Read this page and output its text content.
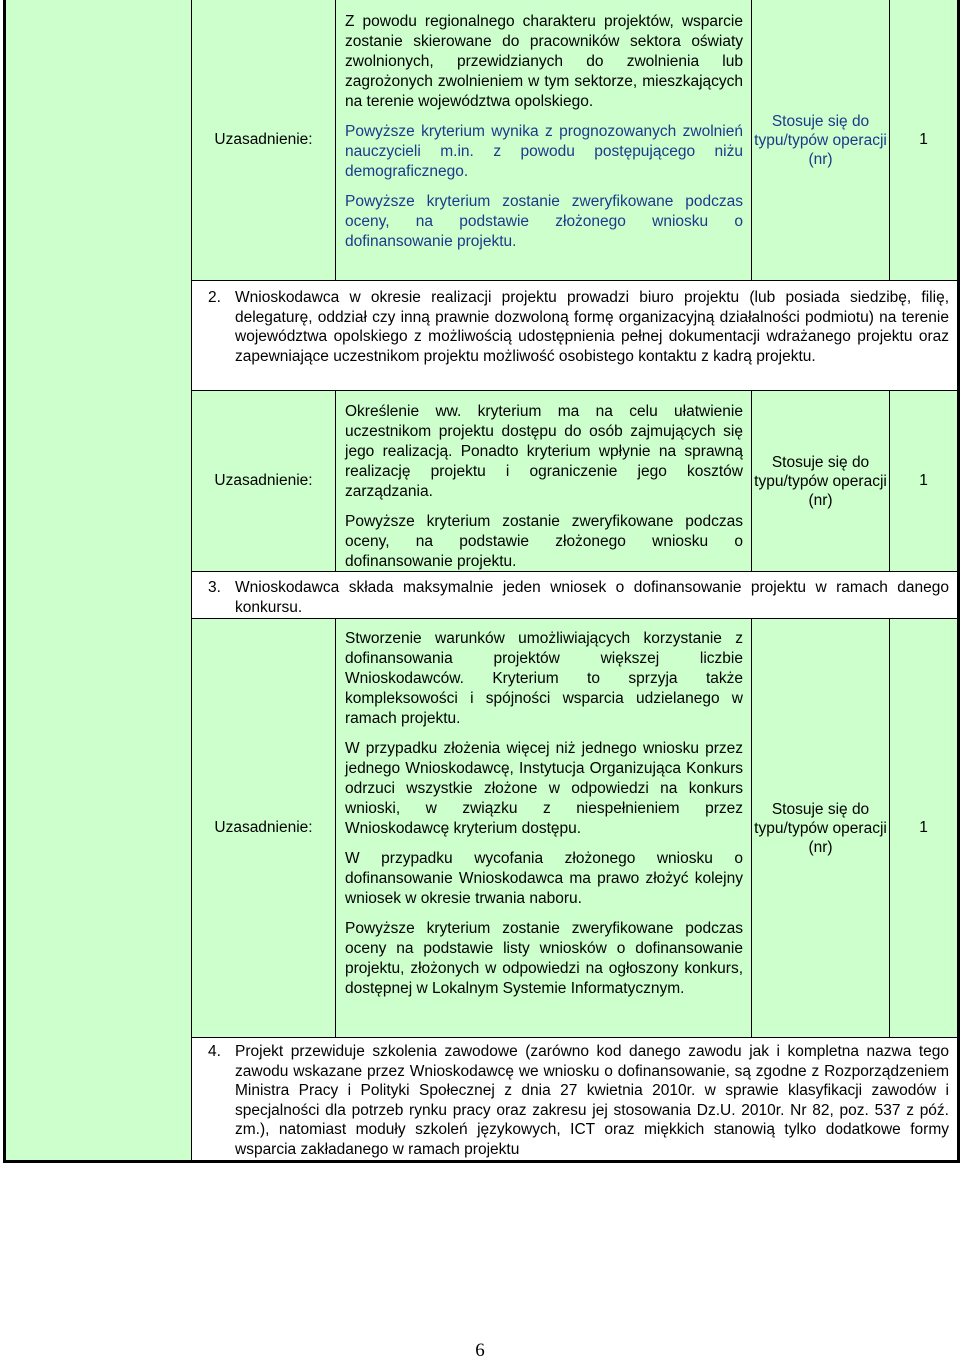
Uzasadnienie:

Z powodu regionalnego charakteru projektów, wsparcie zostanie skierowane do pracowników sektora oświaty zwolnionych, przewidzianych do zwolnienia lub zagrożonych zwolnieniem w tym sektorze, mieszkających na terenie województwa opolskiego.

Powyższe kryterium wynika z prognozowanych zwolnień nauczycieli m.in. z powodu postępującego niżu demograficznego.

Powyższe kryterium zostanie zweryfikowane podczas oceny, na podstawie złożonego wniosku o dofinansowanie projektu.

Stosuje się do typu/typów operacji (nr)
1
2. Wnioskodawca w okresie realizacji projektu prowadzi biuro projektu (lub posiada siedzibę, filię, delegaturę, oddział czy inną prawnie dozwoloną formę organizacyjną działalności podmiotu) na terenie województwa opolskiego z możliwością udostępnienia pełnej dokumentacji wdrażanego projektu oraz zapewniające uczestnikom projektu możliwość osobistego kontaktu z kadrą projektu.
Uzasadnienie:

Określenie ww. kryterium ma na celu ułatwienie uczestnikom projektu dostępu do osób zajmujących się jego realizacją. Ponadto kryterium wpłynie na sprawną realizację projektu i ograniczenie jego kosztów zarządzania.

Powyższe kryterium zostanie zweryfikowane podczas oceny, na podstawie złożonego wniosku o dofinansowanie projektu.

Stosuje się do typu/typów operacji (nr)
1
3. Wnioskodawca składa maksymalnie jeden wniosek o dofinansowanie projektu w ramach danego konkursu.
Uzasadnienie:

Stworzenie warunków umożliwiających korzystanie z dofinansowania projektów większej liczbie Wnioskodawców. Kryterium to sprzyja także kompleksowości i spójności wsparcia udzielanego w ramach projektu.

W przypadku złożenia więcej niż jednego wniosku przez jednego Wnioskodawcę, Instytucja Organizująca Konkurs odrzuci wszystkie złożone w odpowiedzi na konkurs wnioski, w związku z niespełnieniem przez Wnioskodawcę kryterium dostępu.

W przypadku wycofania złożonego wniosku o dofinansowanie Wnioskodawca ma prawo złożyć kolejny wniosek w okresie trwania naboru.

Powyższe kryterium zostanie zweryfikowane podczas oceny na podstawie listy wniosków o dofinansowanie projektu, złożonych w odpowiedzi na ogłoszony konkurs, dostępnej w Lokalnym Systemie Informatycznym.

Stosuje się do typu/typów operacji (nr)
1
4. Projekt przewiduje szkolenia zawodowe (zarówno kod danego zawodu jak i kompletna nazwa tego zawodu wskazane przez Wnioskodawcę we wniosku o dofinansowanie, są zgodne z Rozporządzeniem Ministra Pracy i Polityki Społecznej z dnia 27 kwietnia 2010r. w sprawie klasyfikacji zawodów i specjalności dla potrzeb rynku pracy oraz zakresu jej stosowania Dz.U. 2010r. Nr 82, poz. 537 z póź. zm.), natomiast moduły szkoleń językowych, ICT oraz miękkich stanowią tylko dodatkowe formy wsparcia zakładanego w ramach projektu
6
